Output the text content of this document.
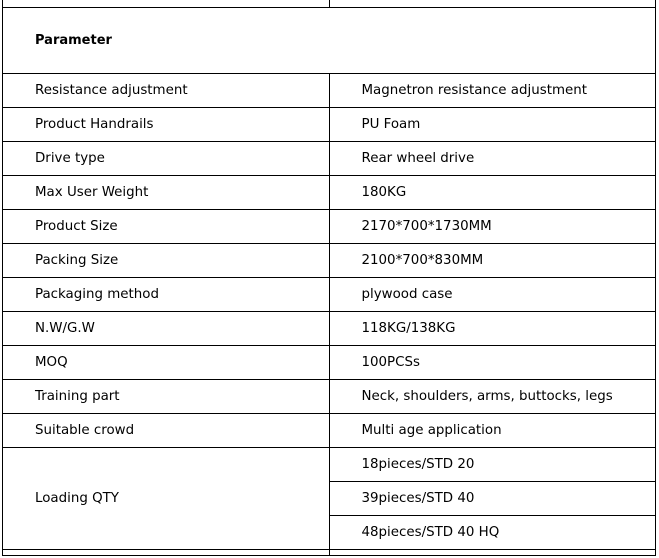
Parameter	
Resistance adjustment	Magnetron resistance adjustment
Product Handrails	PU Foam
Drive type	Rear wheel drive
Max User Weight	180KG
Product Size	2170*700*1730MM
Packing Size	2100*700*830MM
Packaging method	plywood case
N.W/G.W	118KG/138KG
MOQ	100PCSs
Training part	Neck, shoulders, arms, buttocks, legs
Suitable crowd	Multi age application
Loading QTY	18pieces/STD 20
	39pieces/STD 40
	48pieces/STD 40 HQ
